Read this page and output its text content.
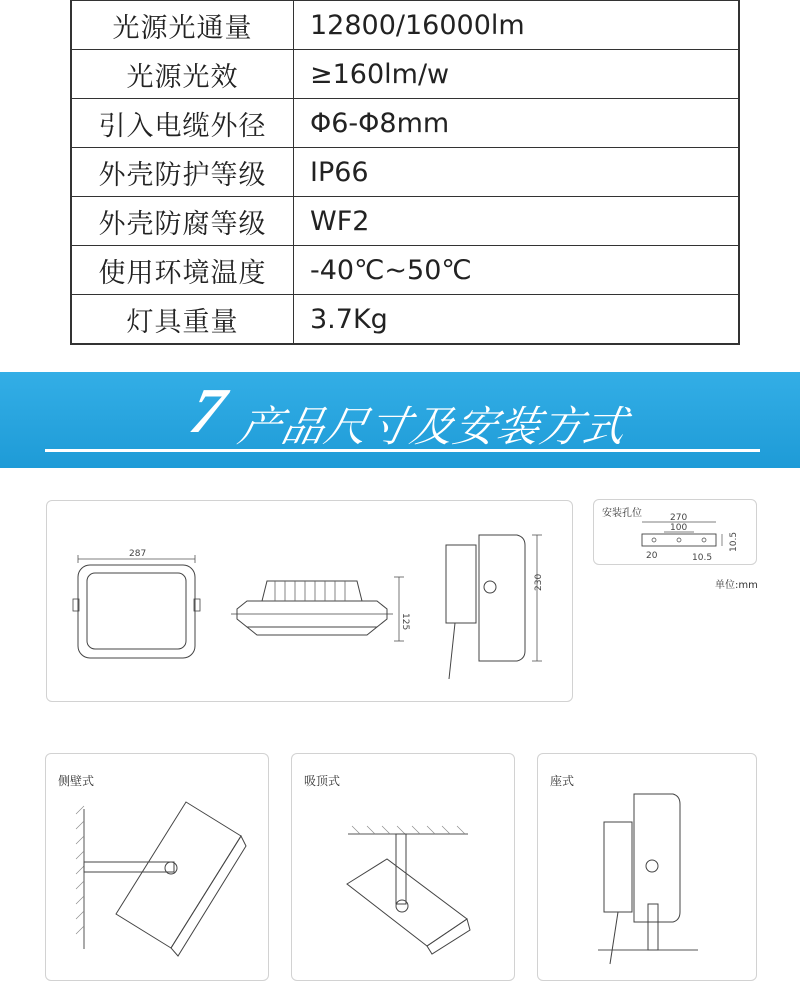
光源光通量	12800/16000lm
光源光效	≥160lm/w
引入电缆外径	Φ6-Φ8mm
外壳防护等级	IP66
外壳防腐等级	WF2
使用环境温度	-40℃~50℃
灯具重量	3.7Kg
7 产品尺寸及安装方式
287
125
230
安装孔位	270
100
10.5
20	10.5
单位:mm
侧壁式	吸顶式	座式
